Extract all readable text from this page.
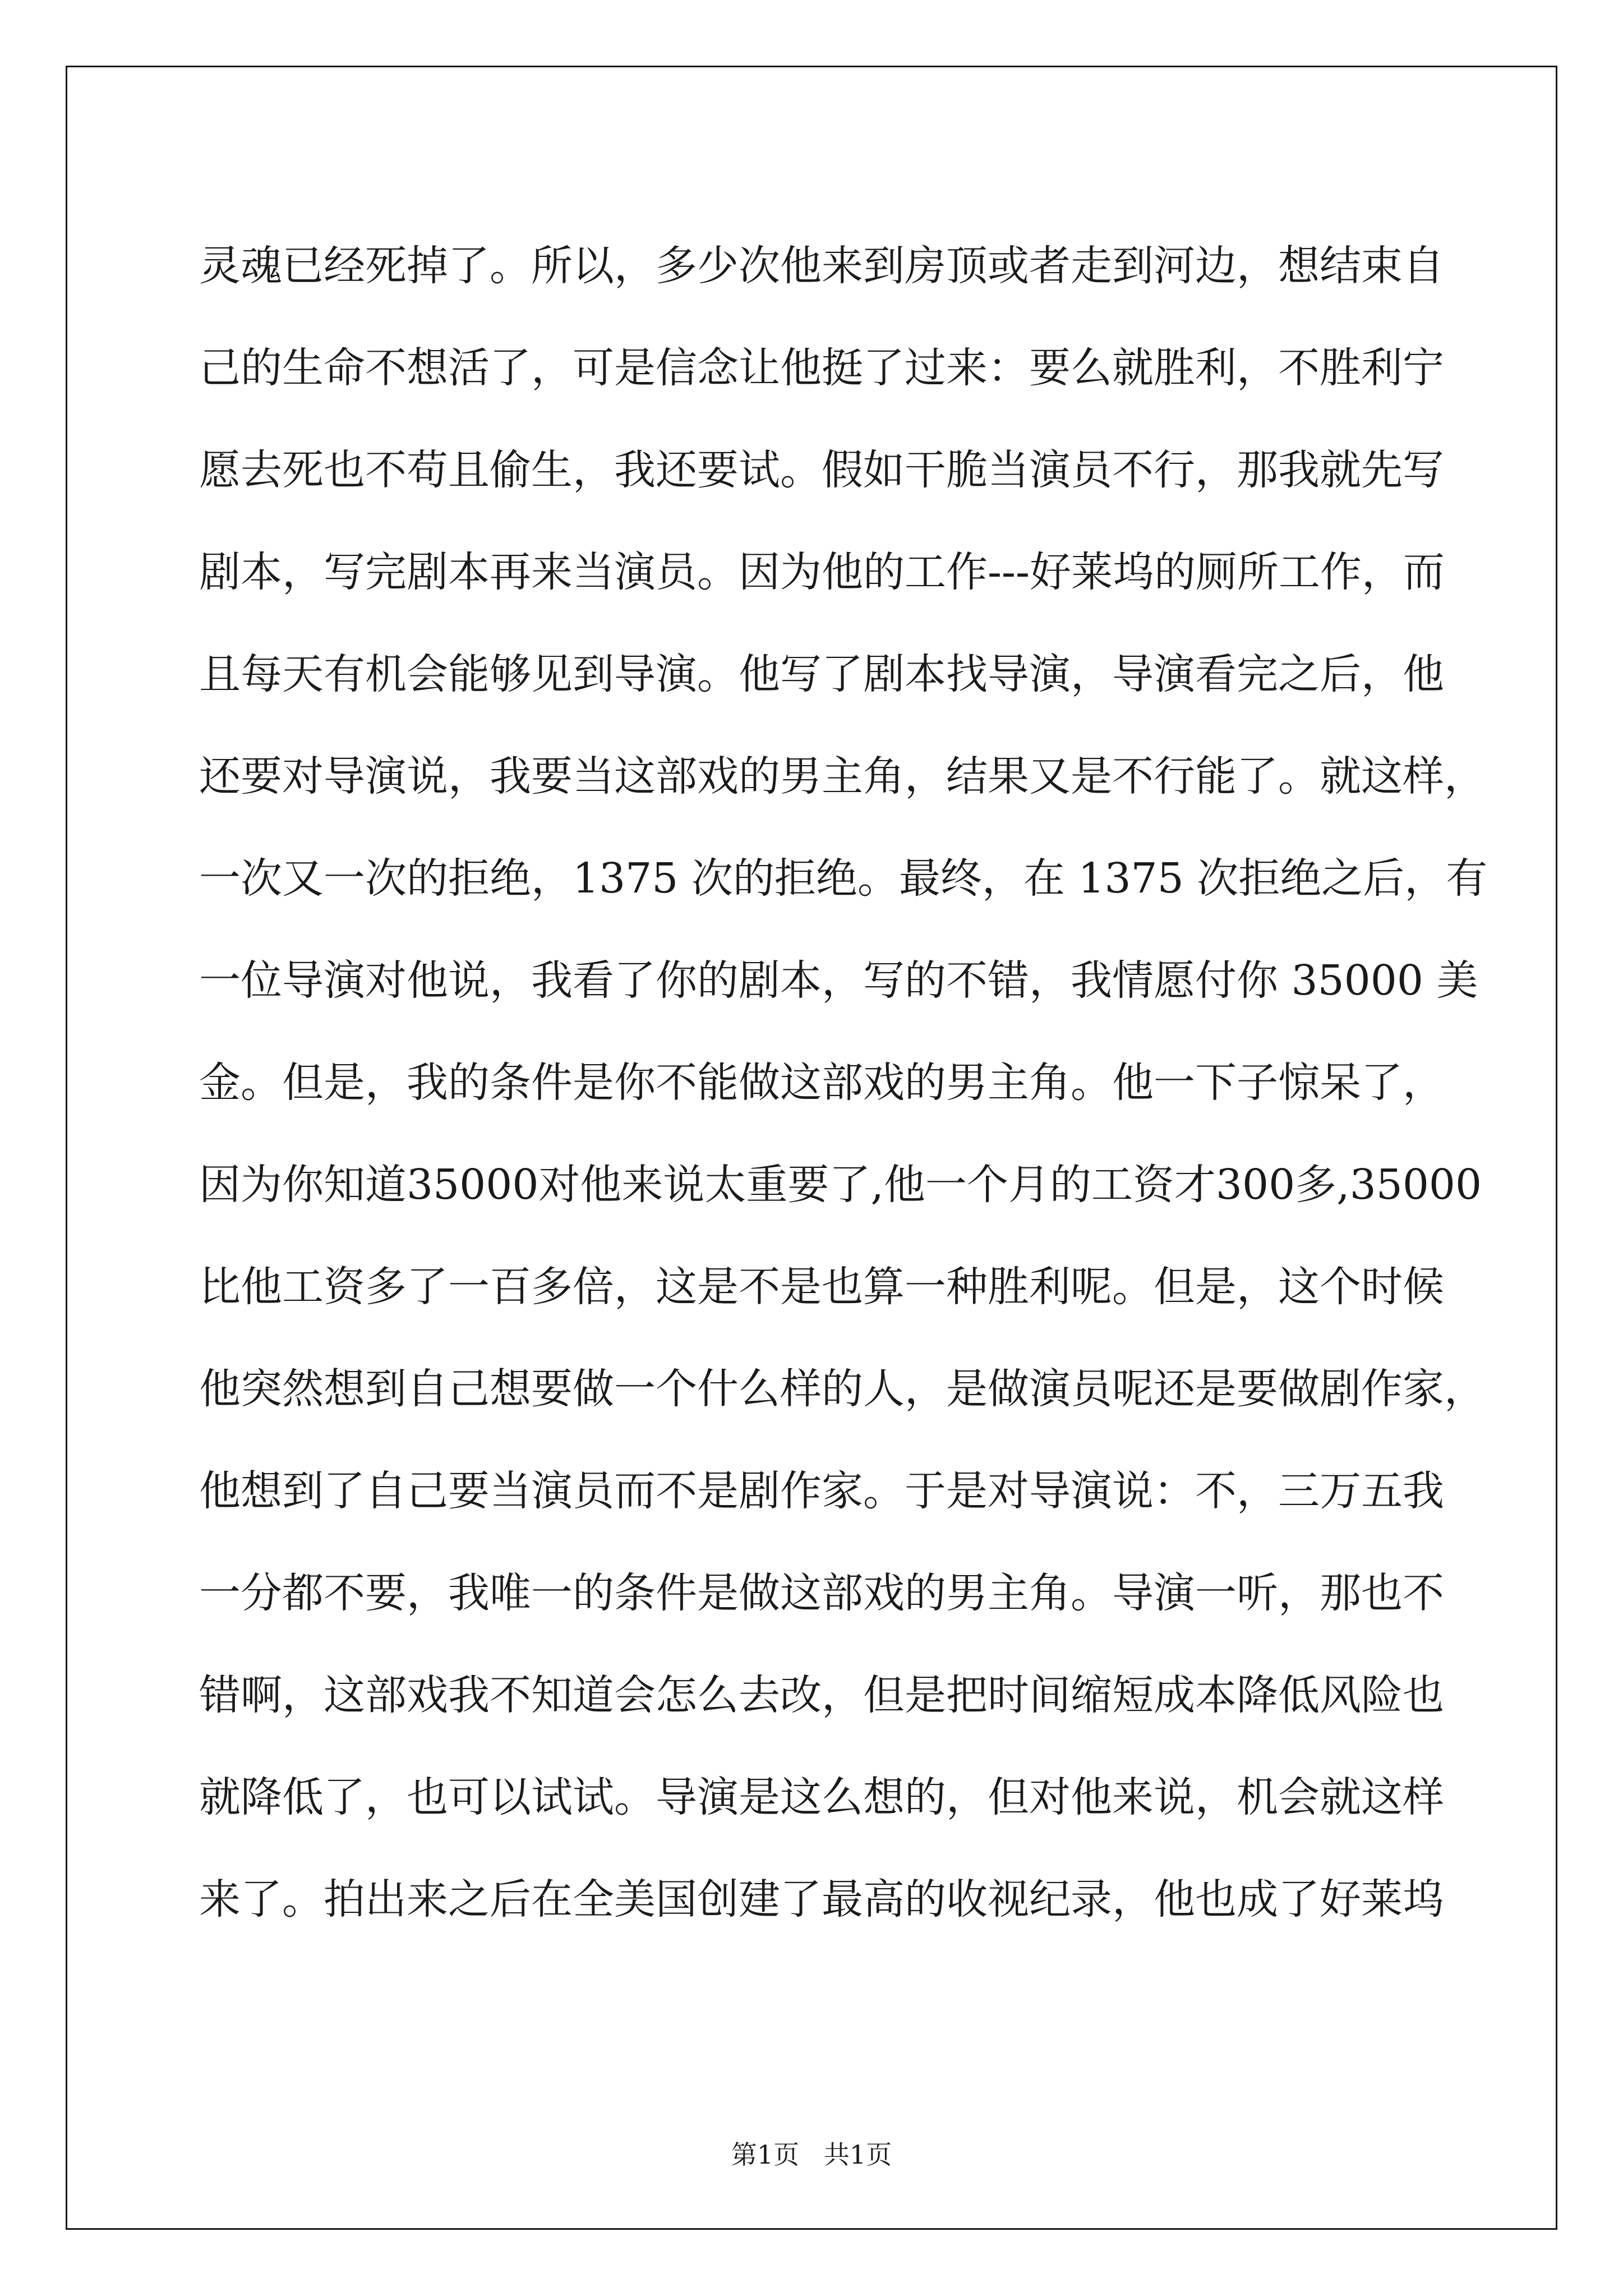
灵魂已经死掉了。所以，多少次他来到房顶或者走到河边，想结束自
己的生命不想活了，可是信念让他挺了过来：要么就胜利，不胜利宁
愿去死也不苟且偷生，我还要试。假如干脆当演员不行，那我就先写
剧本，写完剧本再来当演员。因为他的工作---好莱坞的厕所工作，而
且每天有机会能够见到导演。他写了剧本找导演，导演看完之后，他
还要对导演说，我要当这部戏的男主角，结果又是不行能了。就这样，
一次又一次的拒绝，1375 次的拒绝。最终，在 1375 次拒绝之后，有
一位导演对他说，我看了你的剧本，写的不错，我情愿付你 35000 美
金。但是，我的条件是你不能做这部戏的男主角。他一下子惊呆了，
因为你知道35000对他来说太重要了,他一个月的工资才300多,35000
比他工资多了一百多倍，这是不是也算一种胜利呢。但是，这个时候
他突然想到自己想要做一个什么样的人，是做演员呢还是要做剧作家，
他想到了自己要当演员而不是剧作家。于是对导演说：不，三万五我
一分都不要，我唯一的条件是做这部戏的男主角。导演一听，那也不
错啊，这部戏我不知道会怎么去改，但是把时间缩短成本降低风险也
就降低了，也可以试试。导演是这么想的，但对他来说，机会就这样
来了。拍出来之后在全美国创建了最高的收视纪录，他也成了好莱坞
第1页   共1页
